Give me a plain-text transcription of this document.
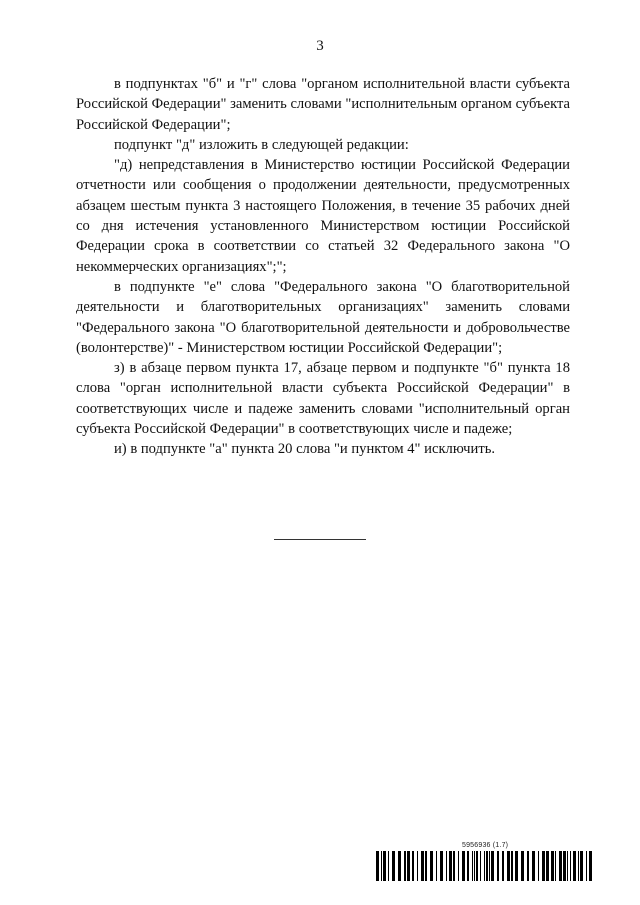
3

в подпунктах "б" и "г" слова "органом исполнительной власти субъекта Российской Федерации" заменить словами "исполнительным органом субъекта Российской Федерации";

подпункт "д" изложить в следующей редакции:

"д) непредставления в Министерство юстиции Российской Федерации отчетности или сообщения о продолжении деятельности, предусмотренных абзацем шестым пункта 3 настоящего Положения, в течение 35 рабочих дней со дня истечения установленного Министерством юстиции Российской Федерации срока в соответствии со статьей 32 Федерального закона "О некоммерческих организациях";";

в подпункте "е" слова "Федерального закона "О благотворительной деятельности и благотворительных организациях" заменить словами "Федерального закона "О благотворительной деятельности и добровольчестве (волонтерстве)" - Министерством юстиции Российской Федерации";

з) в абзаце первом пункта 17, абзаце первом и подпункте "б" пункта 18 слова "орган исполнительной власти субъекта Российской Федерации" в соответствующих числе и падеже заменить словами "исполнительный орган субъекта Российской Федерации" в соответствующих числе и падеже;

и) в подпункте "а" пункта 20 слова "и пунктом 4" исключить.

5956936 (1.7)
